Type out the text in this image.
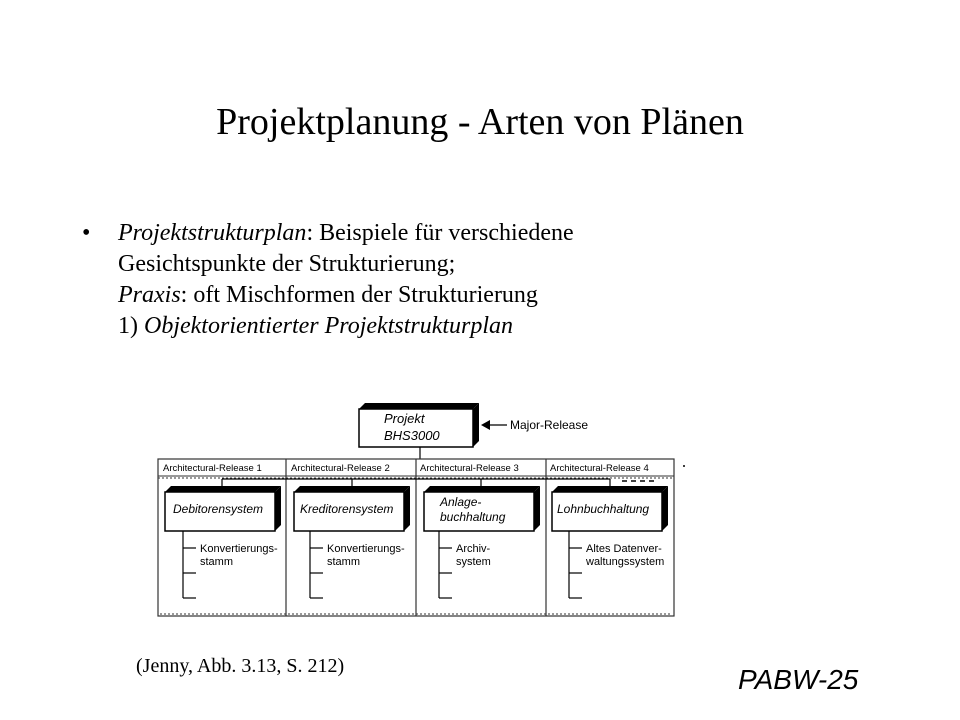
Projektplanung - Arten von Plänen
• Projektstrukturplan: Beispiele für verschiedene
Gesichtspunkte der Strukturierung;
Praxis: oft Mischformen der Strukturierung
1) Objektorientierter Projektstrukturplan
Projekt
BHS3000
Major-Release
Architectural-Release 1
Debitorensystem
Konvertierungs-
stamm
Architectural-Release 2
Kreditorensystem
Konvertierungs-
stamm
Architectural-Release 3
Anlage-
buchhaltung
Archiv-
system
Architectural-Release 4
Lohnbuchhaltung
Altes Datenver-
waltungssystem
(Jenny, Abb. 3.13, S. 212)	PABW-25
